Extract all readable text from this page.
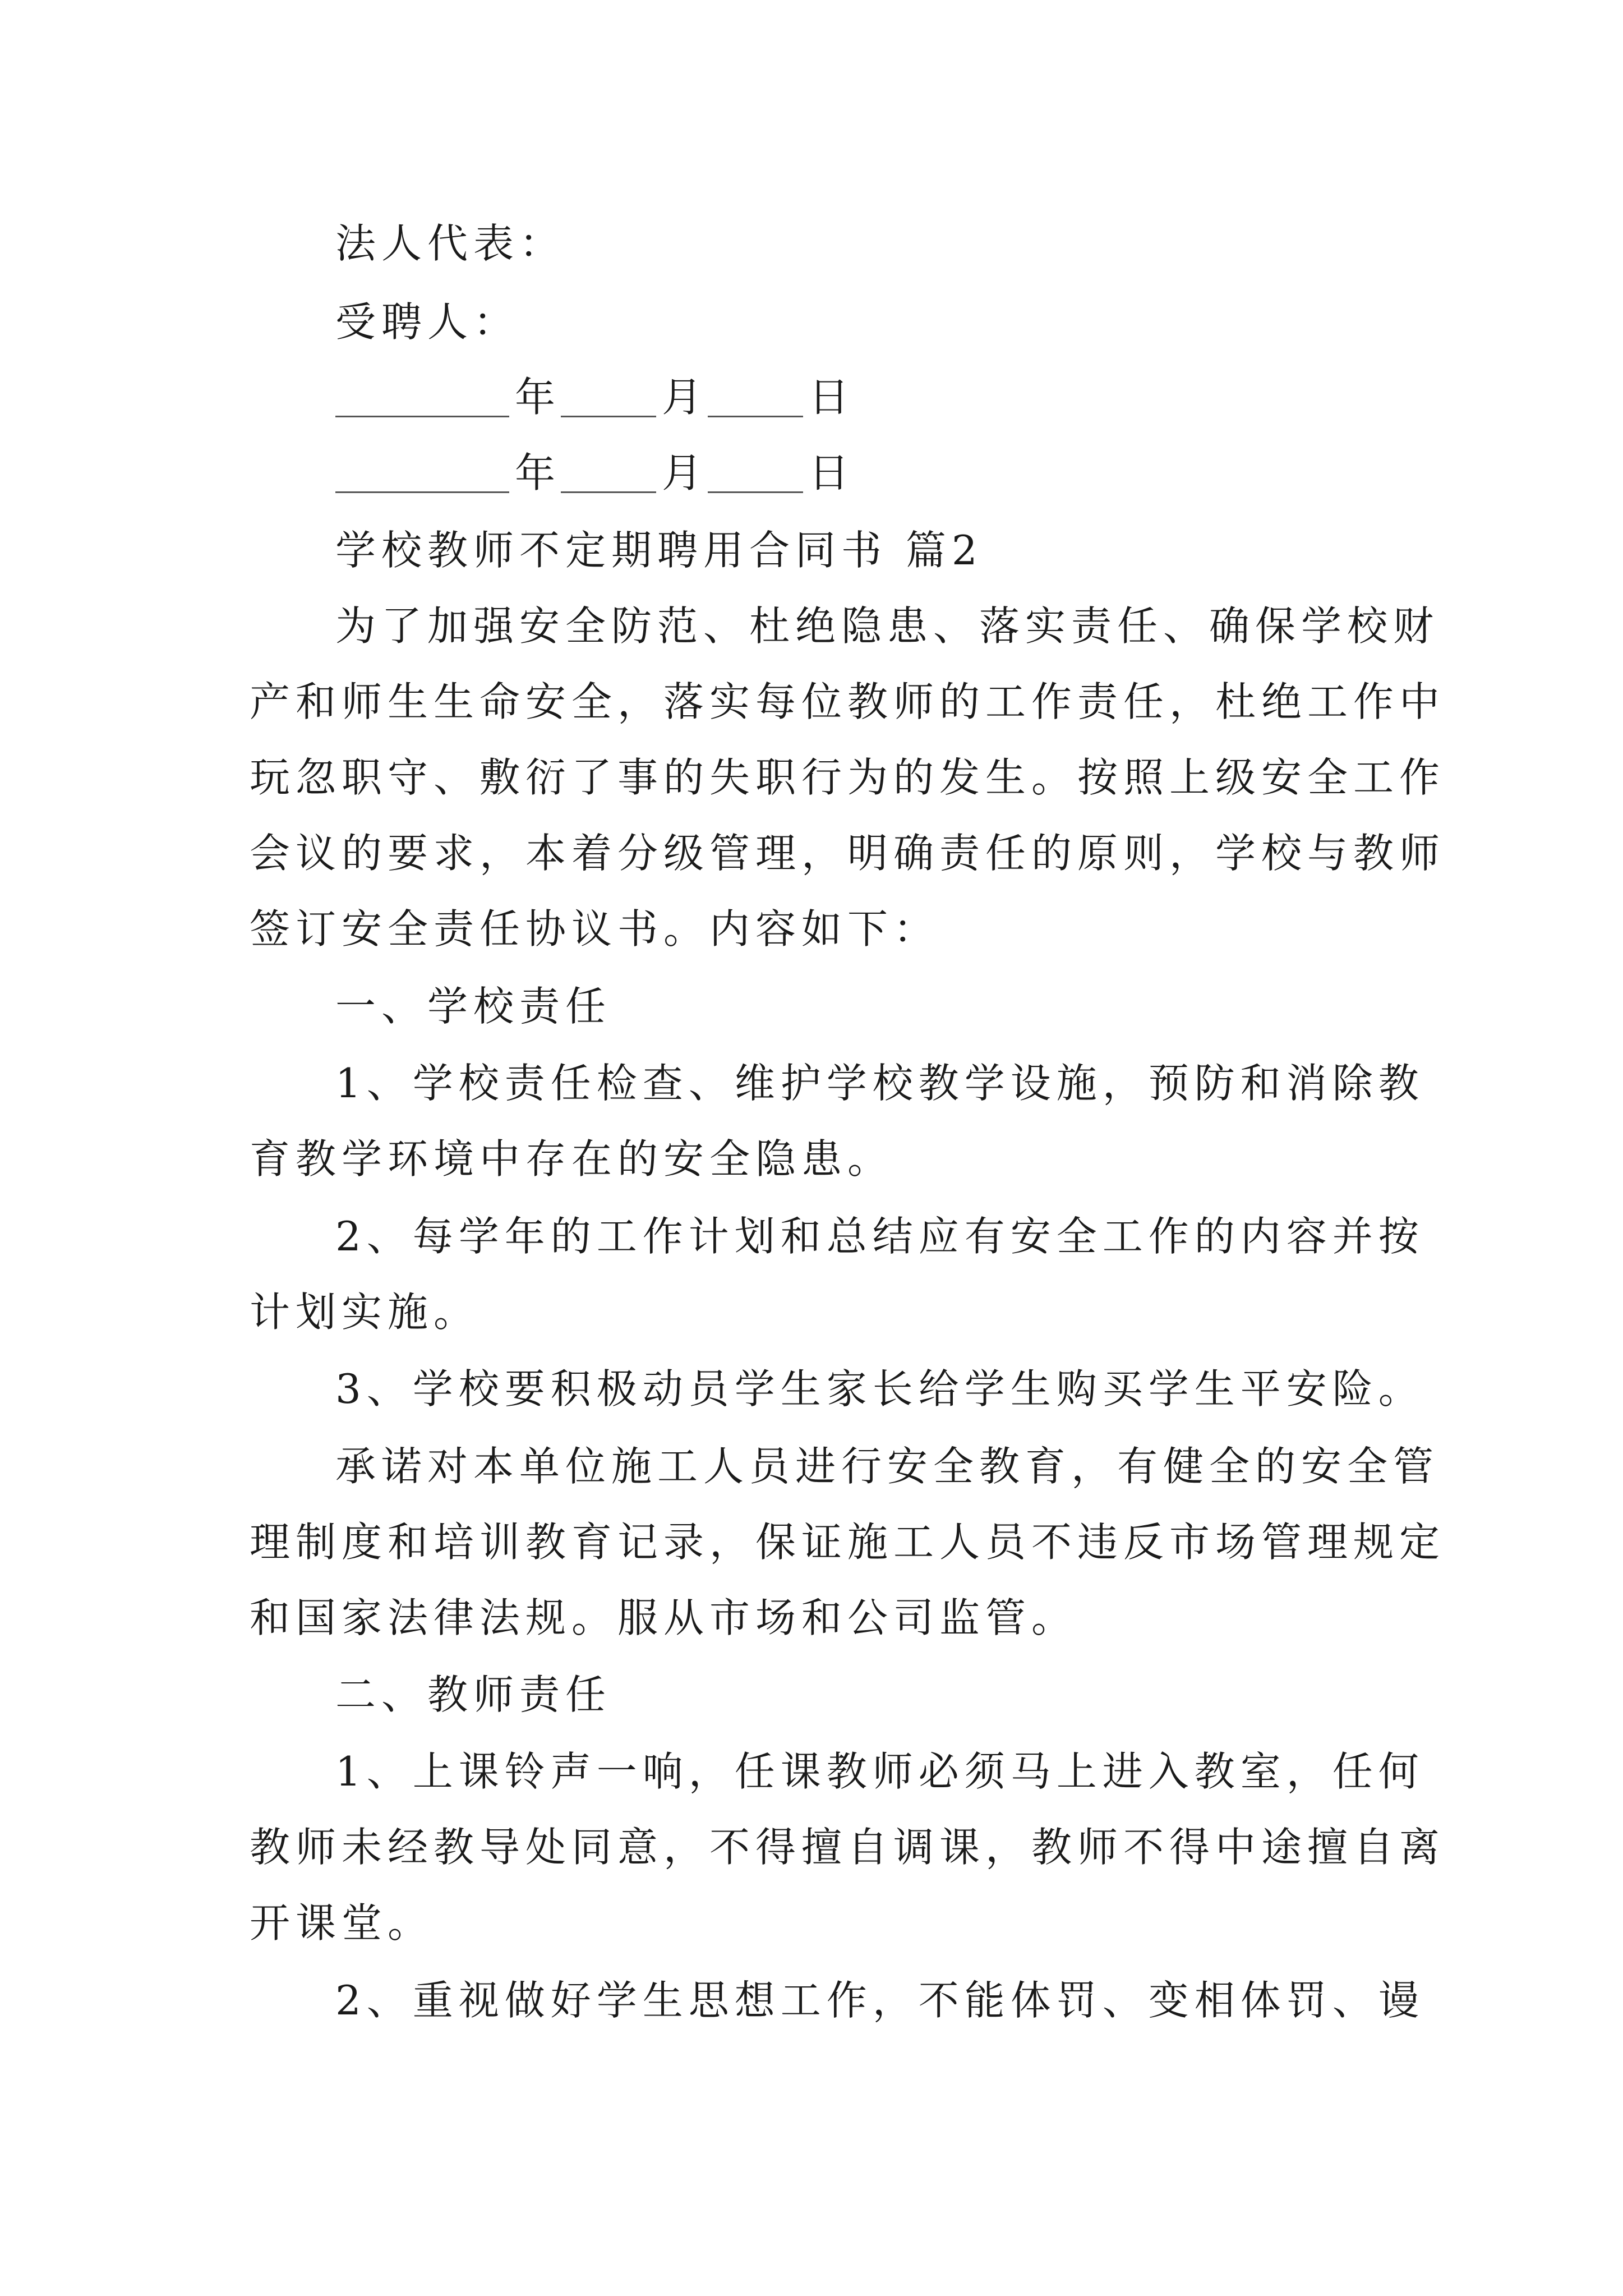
法人代表：
受聘人：
年	月	日
年	月	日
学校教师不定期聘用合同书 篇2
为了加强安全防范、杜绝隐患、落实责任、确保学校财
产和师生生命安全，落实每位教师的工作责任，杜绝工作中
玩忽职守、敷衍了事的失职行为的发生。按照上级安全工作
会议的要求，本着分级管理，明确责任的原则，学校与教师
签订安全责任协议书。内容如下：
一、学校责任
1、学校责任检查、维护学校教学设施，预防和消除教
育教学环境中存在的安全隐患。
2、每学年的工作计划和总结应有安全工作的内容并按
计划实施。
3、学校要积极动员学生家长给学生购买学生平安险。
承诺对本单位施工人员进行安全教育，有健全的安全管
理制度和培训教育记录，保证施工人员不违反市场管理规定
和国家法律法规。服从市场和公司监管。
二、教师责任
1、上课铃声一响，任课教师必须马上进入教室，任何
教师未经教导处同意，不得擅自调课，教师不得中途擅自离
开课堂。
2、重视做好学生思想工作，不能体罚、变相体罚、谩
